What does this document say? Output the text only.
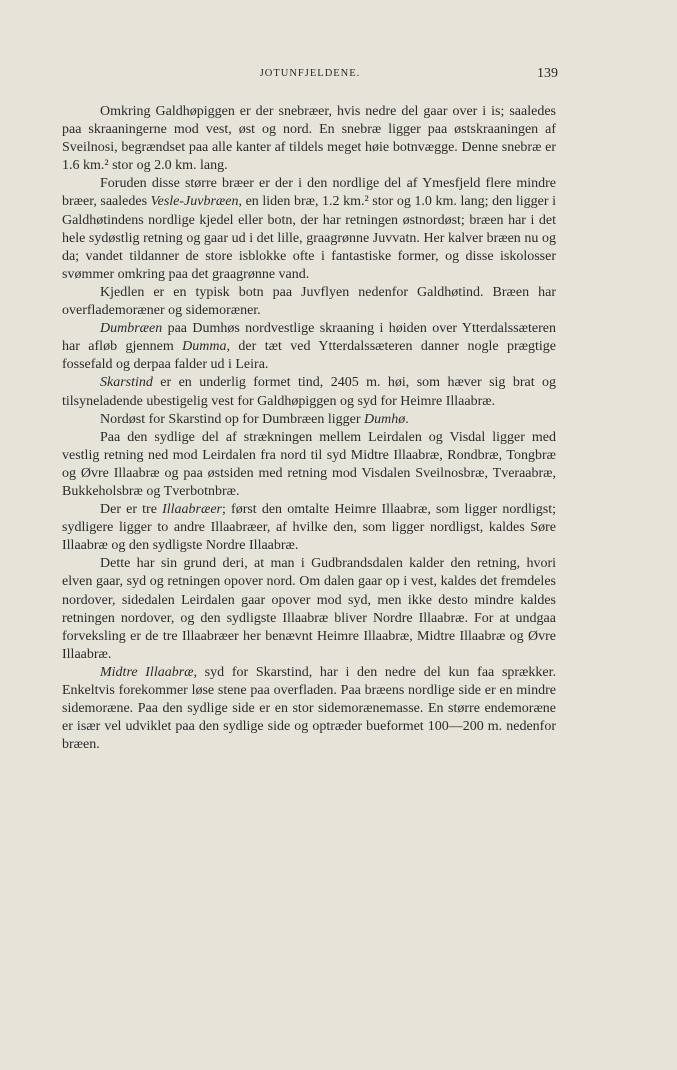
JOTUNFJELDENE.	139

Omkring Galdhøpiggen er der snebræer, hvis nedre del gaar over i is; saaledes paa skraaningerne mod vest, øst og nord. En snebræ ligger paa østskraaningen af Sveilnosi, begrændset paa alle kanter af tildels meget høie botnvægge. Denne snebræ er 1.6 km.² stor og 2.0 km. lang.

Foruden disse større bræer er der i den nordlige del af Ymesfjeld flere mindre bræer, saaledes Vesle-Juvbræen, en liden bræ, 1.2 km.² stor og 1.0 km. lang; den ligger i Galdhøtindens nordlige kjedel eller botn, der har retningen østnordøst; bræen har i det hele sydøstlig retning og gaar ud i det lille, graagrønne Juvvatn. Her kalver bræen nu og da; vandet tildanner de store isblokke ofte i fantastiske former, og disse iskolosser svømmer omkring paa det graagrønne vand.

Kjedlen er en typisk botn paa Juvflyen nedenfor Galdhøtind. Bræen har overflademoræner og sidemoræner.

Dumbræen paa Dumhøs nordvestlige skraaning i høiden over Ytterdalssæteren har afløb gjennem Dumma, der tæt ved Ytterdalssæteren danner nogle prægtige fossefald og derpaa falder ud i Leira.

Skarstind er en underlig formet tind, 2405 m. høi, som hæver sig brat og tilsyneladende ubestigelig vest for Galdhøpiggen og syd for Heimre Illaabræ.

Nordøst for Skarstind op for Dumbræen ligger Dumhø.

Paa den sydlige del af strækningen mellem Leirdalen og Visdal ligger med vestlig retning ned mod Leirdalen fra nord til syd Midtre Illaabræ, Rondbræ, Tongbræ og Øvre Illaabræ og paa østsiden med retning mod Visdalen Sveilnosbræ, Tveraabræ, Bukkeholsbræ og Tverbotnbræ.

Der er tre Illaabræer; først den omtalte Heimre Illaabræ, som ligger nordligst; sydligere ligger to andre Illaabræer, af hvilke den, som ligger nordligst, kaldes Søre Illaabræ og den sydligste Nordre Illaabræ.

Dette har sin grund deri, at man i Gudbrandsdalen kalder den retning, hvori elven gaar, syd og retningen opover nord. Om dalen gaar op i vest, kaldes det fremdeles nordover, sidedalen Leirdalen gaar opover mod syd, men ikke desto mindre kaldes retningen nordover, og den sydligste Illaabræ bliver Nordre Illaabræ. For at undgaa forveksling er de tre Illaabræer her benævnt Heimre Illaabræ, Midtre Illaabræ og Øvre Illaabræ.

Midtre Illaabræ, syd for Skarstind, har i den nedre del kun faa sprækker. Enkeltvis forekommer løse stene paa overfladen. Paa bræens nordlige side er en mindre sidemoræne. Paa den sydlige side er en stor sidemorænemasse. En større endemoræne er især vel udviklet paa den sydlige side og optræder bueformet 100—200 m. nedenfor bræen.
